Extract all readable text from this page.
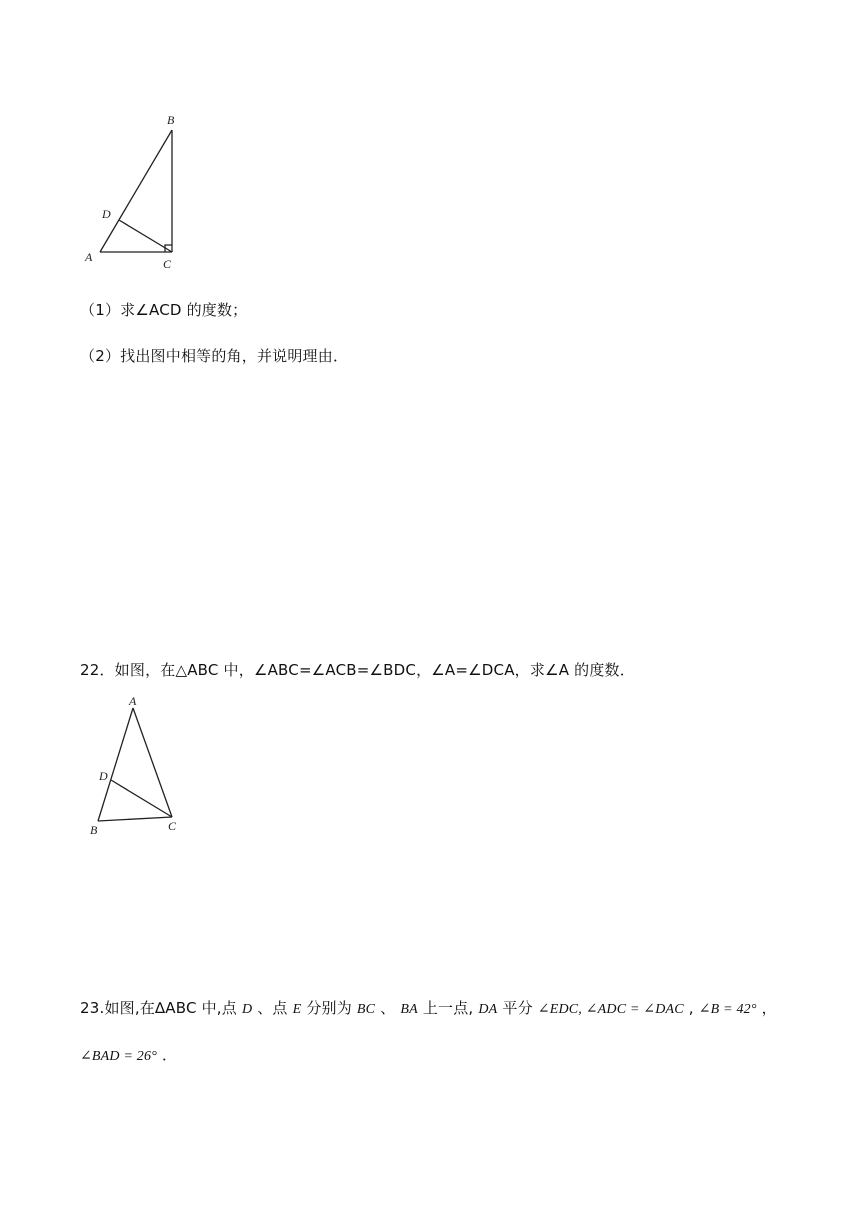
B
D
A	C
（1）求∠ACD 的度数；
（2）找出图中相等的角，并说明理由．
22．如图，在△ABC 中，∠ABC=∠ACB=∠BDC，∠A=∠DCA，求∠A 的度数．
A
D
B	C
23.如图,在∆ABC 中,点 D 、点 E 分别为 BC 、 BA 上一点, DA 平分 ∠EDC, ∠ADC = ∠DAC , ∠B = 42° ，
∠BAD = 26° ．
